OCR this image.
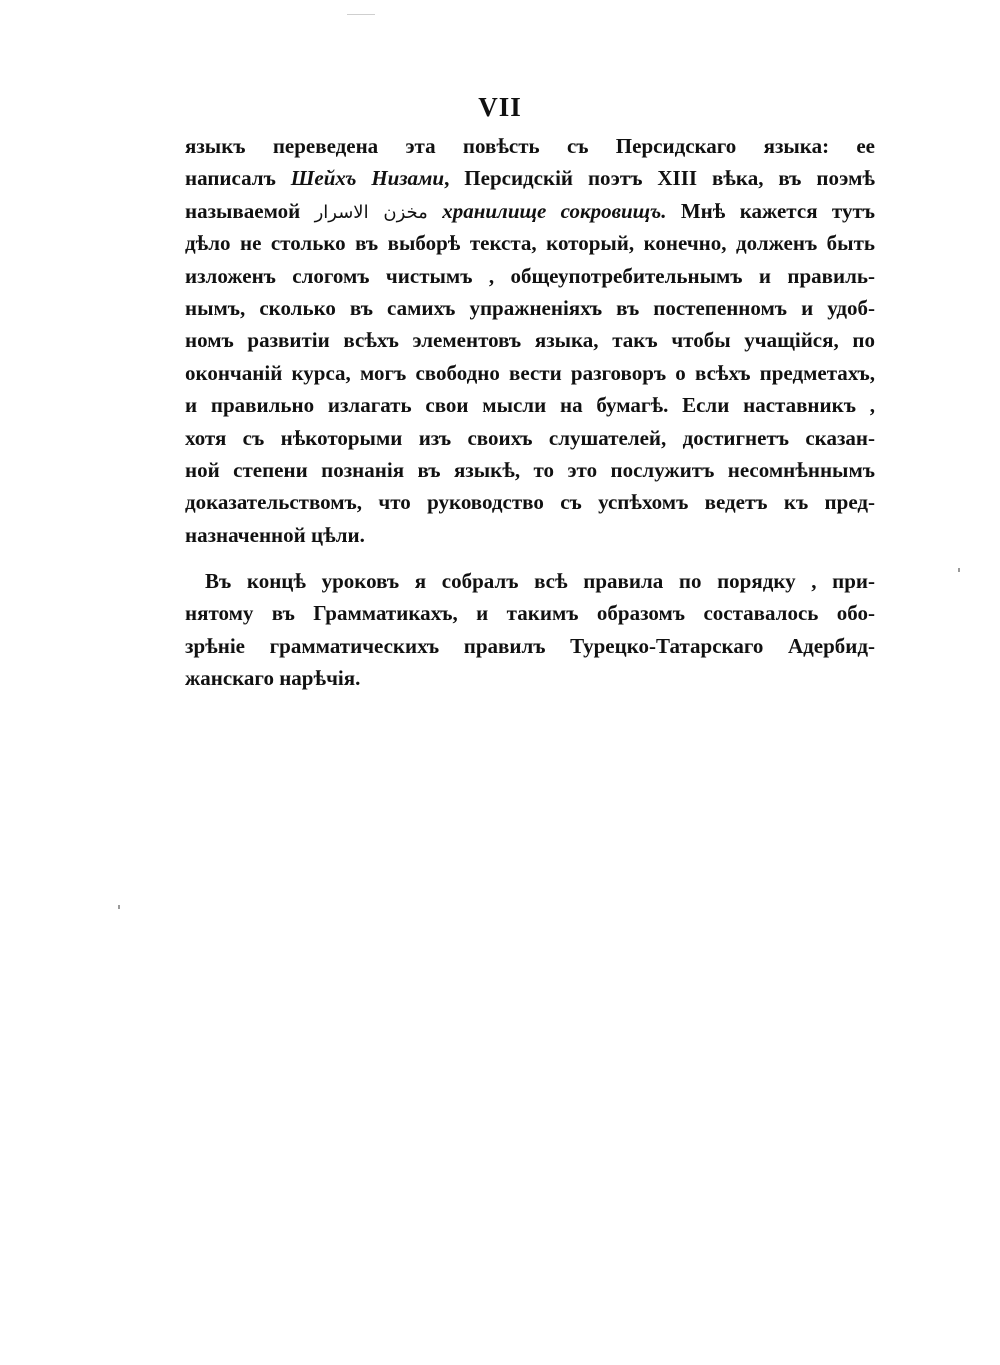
VII
языкъ переведена эта повѣсть съ Персидскаго языка: ее
написалъ Шейхъ Низами, Персидскій поэтъ XIII вѣка, въ поэмѣ
называемой مخزن الاسرار хранилище сокровищъ. Мнѣ кажется тутъ
дѣло не столько въ выборѣ текста, который, конечно, долженъ быть
изложенъ слогомъ чистымъ , общеупотребительнымъ и правиль-
нымъ, сколько въ самихъ упражненіяхъ въ постепенномъ и удоб-
номъ развитіи всѣхъ элементовъ языка, такъ чтобы учащійся, по
окончаній курса, могъ свободно вести разговоръ о всѣхъ предметахъ,
и правильно излагать свои мысли на бумагѣ. Если наставникъ ,
хотя съ нѣкоторыми изъ своихъ слушателей, достигнетъ сказан-
ной степени познанія въ языкѣ, то это послужитъ несомнѣннымъ
доказательствомъ, что руководство съ успѣхомъ ведетъ къ пред-
назначенной цѣли.
Въ концѣ уроковъ я собралъ всѣ правила по порядку , при-
нятому въ Грамматикахъ, и такимъ образомъ составалось обо-
зрѣніе грамматическихъ правилъ Турецко-Татарскаго Адербид-
жанскаго нарѣчія.
